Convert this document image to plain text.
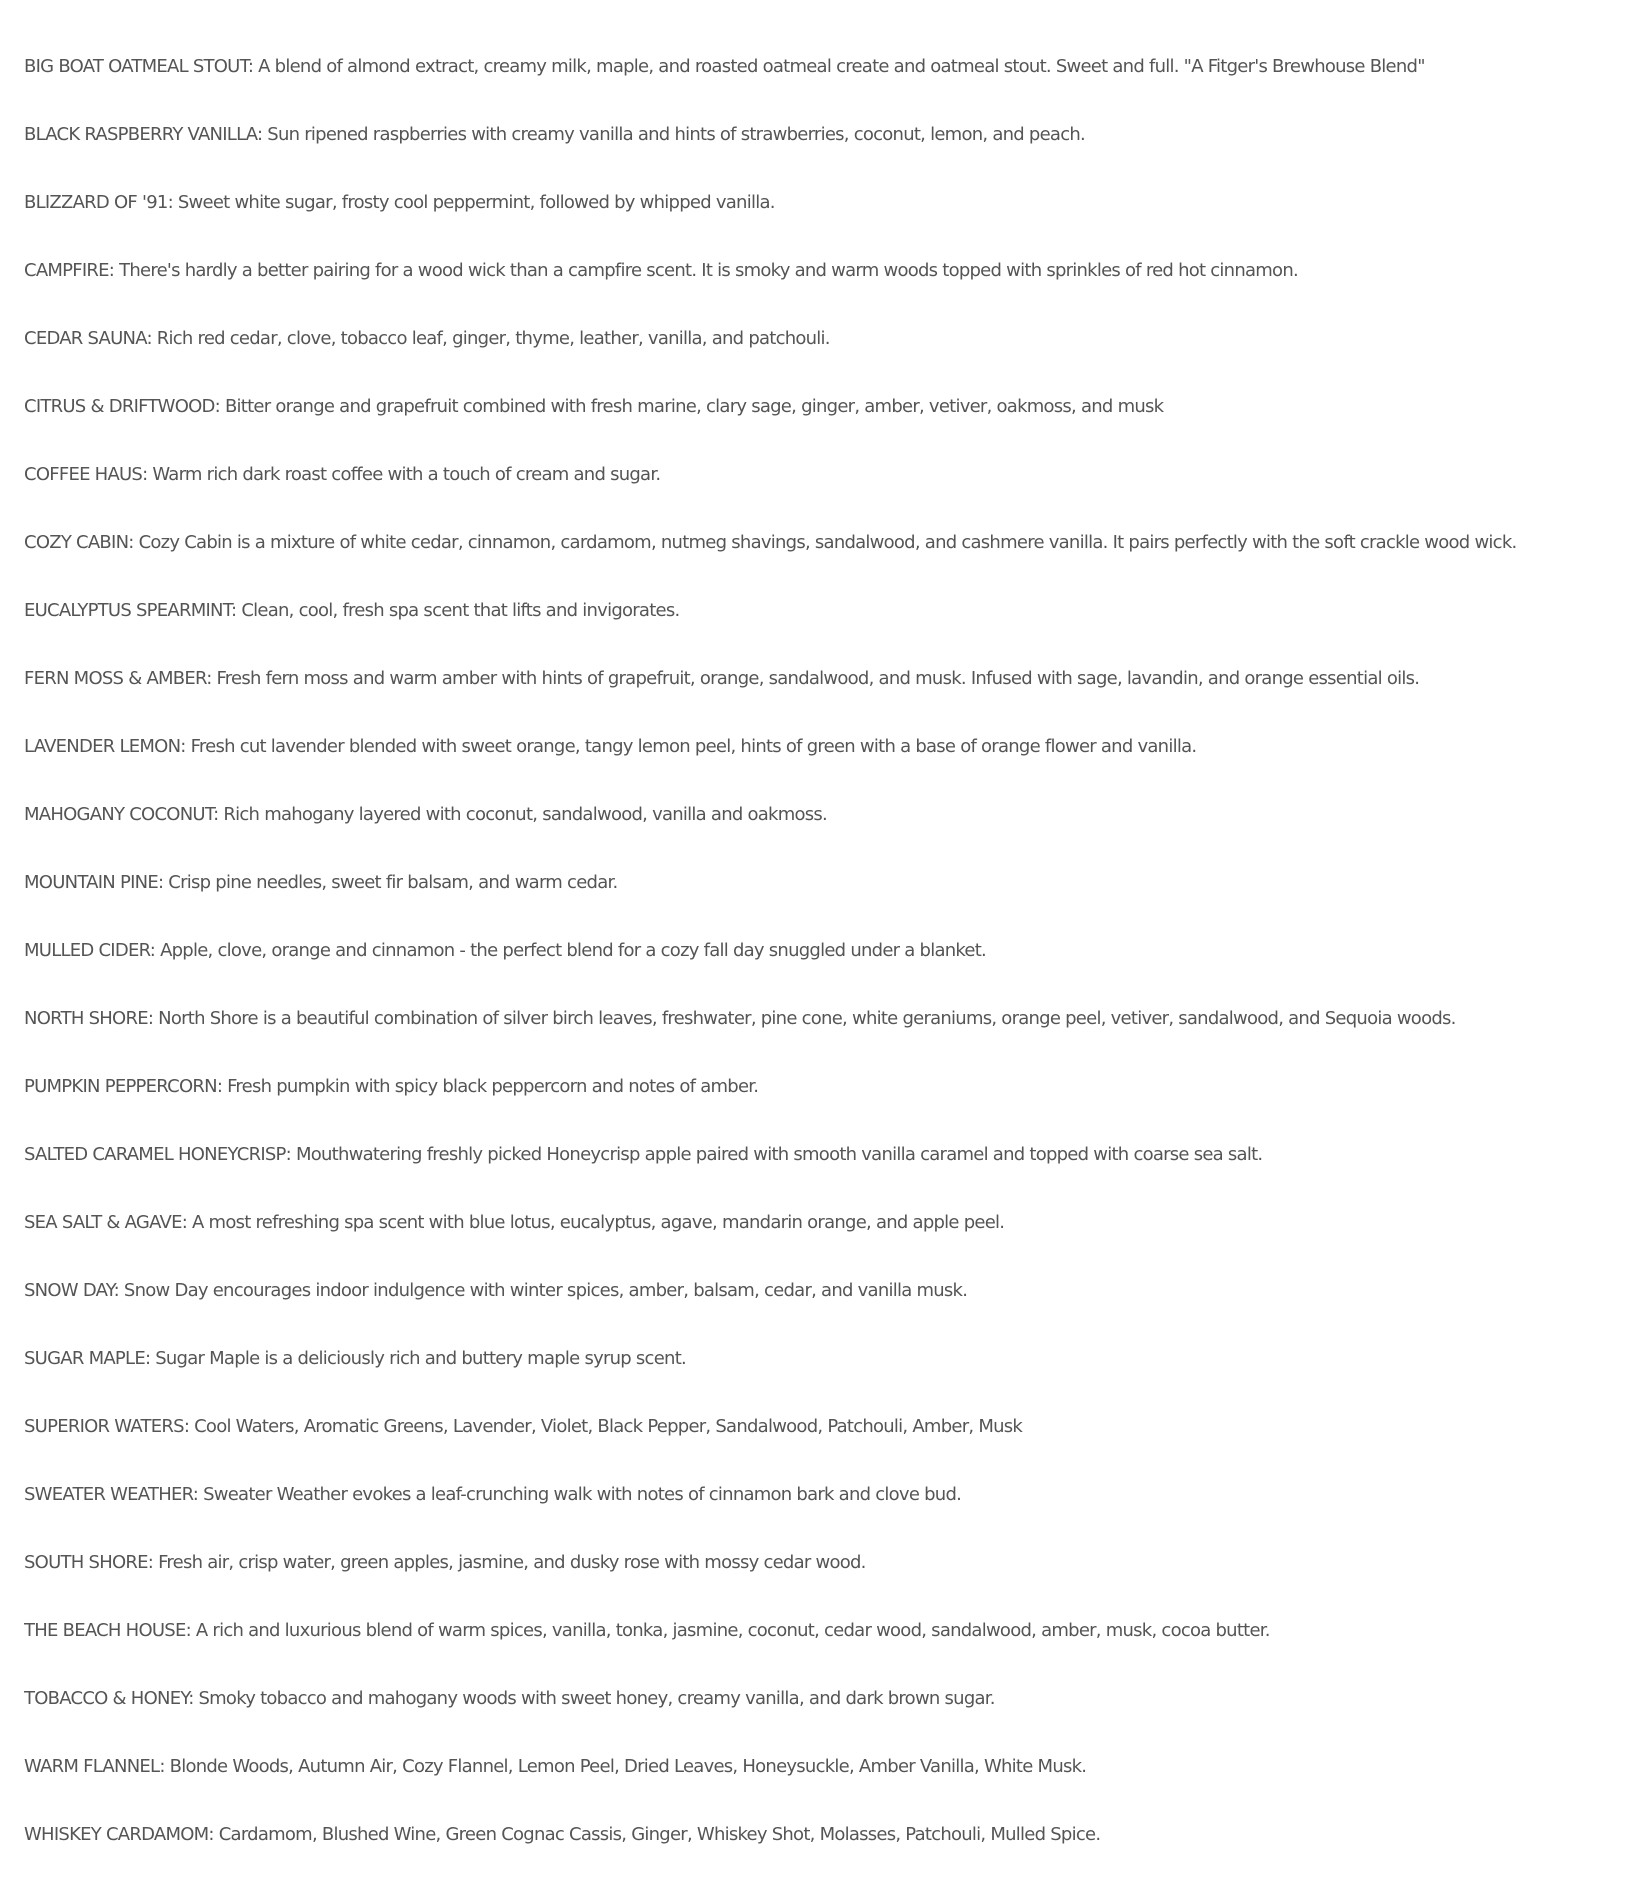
BIG BOAT OATMEAL STOUT: A blend of almond extract, creamy milk, maple, and roasted oatmeal create and oatmeal stout. Sweet and full. "A Fitger's Brewhouse Blend"

BLACK RASPBERRY VANILLA: Sun ripened raspberries with creamy vanilla and hints of strawberries, coconut, lemon, and peach.

BLIZZARD OF '91: Sweet white sugar, frosty cool peppermint, followed by whipped vanilla.

CAMPFIRE: There's hardly a better pairing for a wood wick than a campfire scent. It is smoky and warm woods topped with sprinkles of red hot cinnamon.

CEDAR SAUNA: Rich red cedar, clove, tobacco leaf, ginger, thyme, leather, vanilla, and patchouli.

CITRUS & DRIFTWOOD: Bitter orange and grapefruit combined with fresh marine, clary sage, ginger, amber, vetiver, oakmoss, and musk

COFFEE HAUS: Warm rich dark roast coffee with a touch of cream and sugar.

COZY CABIN: Cozy Cabin is a mixture of white cedar, cinnamon, cardamom, nutmeg shavings, sandalwood, and cashmere vanilla. It pairs perfectly with the soft crackle wood wick.

EUCALYPTUS SPEARMINT: Clean, cool, fresh spa scent that lifts and invigorates.

FERN MOSS & AMBER: Fresh fern moss and warm amber with hints of grapefruit, orange, sandalwood, and musk. Infused with sage, lavandin, and orange essential oils.

LAVENDER LEMON: Fresh cut lavender blended with sweet orange, tangy lemon peel, hints of green with a base of orange flower and vanilla.

MAHOGANY COCONUT: Rich mahogany layered with coconut, sandalwood, vanilla and oakmoss.

MOUNTAIN PINE: Crisp pine needles, sweet fir balsam, and warm cedar.

MULLED CIDER: Apple, clove, orange and cinnamon - the perfect blend for a cozy fall day snuggled under a blanket.

NORTH SHORE: North Shore is a beautiful combination of silver birch leaves, freshwater, pine cone, white geraniums, orange peel, vetiver, sandalwood, and Sequoia woods.

PUMPKIN PEPPERCORN: Fresh pumpkin with spicy black peppercorn and notes of amber.

SALTED CARAMEL HONEYCRISP: Mouthwatering freshly picked Honeycrisp apple paired with smooth vanilla caramel and topped with coarse sea salt.

SEA SALT & AGAVE: A most refreshing spa scent with blue lotus, eucalyptus, agave, mandarin orange, and apple peel.

SNOW DAY: Snow Day encourages indoor indulgence with winter spices, amber, balsam, cedar, and vanilla musk.

SUGAR MAPLE: Sugar Maple is a deliciously rich and buttery maple syrup scent.

SUPERIOR WATERS: Cool Waters, Aromatic Greens, Lavender, Violet, Black Pepper, Sandalwood, Patchouli, Amber, Musk

SWEATER WEATHER: Sweater Weather evokes a leaf-crunching walk with notes of cinnamon bark and clove bud.

SOUTH SHORE: Fresh air, crisp water, green apples, jasmine, and dusky rose with mossy cedar wood.

THE BEACH HOUSE: A rich and luxurious blend of warm spices, vanilla, tonka, jasmine, coconut, cedar wood, sandalwood, amber, musk, cocoa butter.

TOBACCO & HONEY: Smoky tobacco and mahogany woods with sweet honey, creamy vanilla, and dark brown sugar.

WARM FLANNEL: Blonde Woods, Autumn Air, Cozy Flannel, Lemon Peel, Dried Leaves, Honeysuckle, Amber Vanilla, White Musk.

WHISKEY CARDAMOM: Cardamom, Blushed Wine, Green Cognac Cassis, Ginger, Whiskey Shot, Molasses, Patchouli, Mulled Spice.
